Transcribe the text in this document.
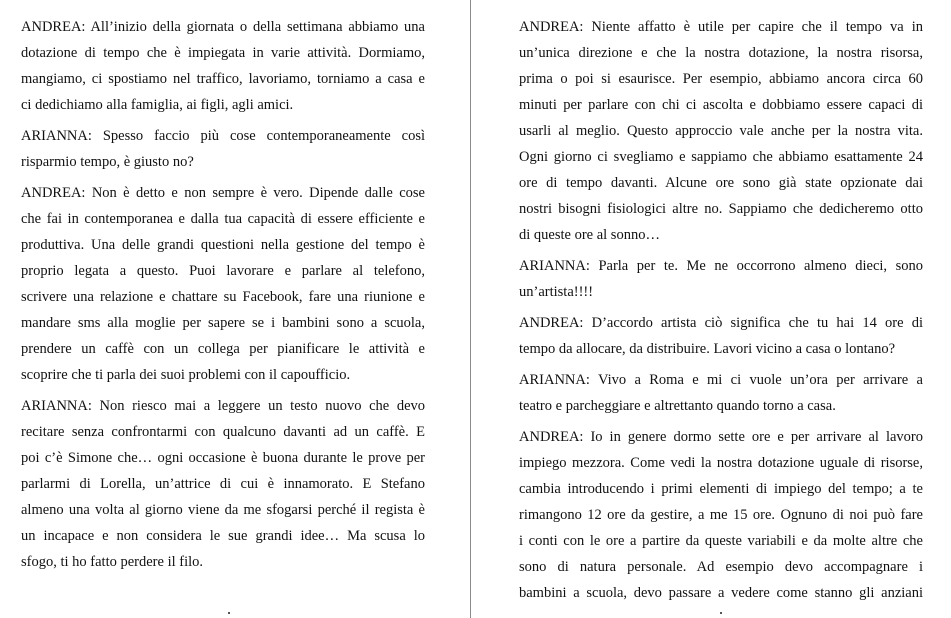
ANDREA: All’inizio della giornata o della settimana abbiamo una
dotazione di tempo che è impiegata in varie attività. Dormiamo,
mangiamo, ci spostiamo nel traffico, lavoriamo, torniamo a casa e
ci dedichiamo alla famiglia, ai figli, agli amici.
ARIANNA: Spesso faccio più cose contemporaneamente così
risparmio tempo, è giusto no?
ANDREA: Non è detto e non sempre è vero. Dipende dalle cose
che fai in contemporanea e dalla tua capacità di essere efficiente e
produttiva. Una delle grandi questioni nella gestione del tempo è
proprio legata a questo. Puoi lavorare e parlare al telefono,
scrivere una relazione e chattare su Facebook, fare una riunione e
mandare sms alla moglie per sapere se i bambini sono a scuola,
prendere un caffè con un collega per pianificare le attività e
scoprire che ti parla dei suoi problemi con il capoufficio.
ARIANNA: Non riesco mai a leggere un testo nuovo che devo
recitare senza confrontarmi con qualcuno davanti ad un caffè. E
poi c’è Simone che… ogni occasione è buona durante le prove per
parlarmi di Lorella, un’attrice di cui è innamorato. E Stefano
almeno una volta al giorno viene da me sfogarsi perché il regista è
un incapace e non considera le sue grandi idee… Ma scusa lo
sfogo, ti ho fatto perdere il filo.
ANDREA: Niente affatto è utile per capire che il tempo va in
un’unica direzione e che la nostra dotazione, la nostra risorsa,
prima o poi si esaurisce. Per esempio, abbiamo ancora circa 60
minuti per parlare con chi ci ascolta e dobbiamo essere capaci di
usarli al meglio. Questo approccio vale anche per la nostra vita.
Ogni giorno ci svegliamo e sappiamo che abbiamo esattamente 24
ore di tempo davanti. Alcune ore sono già state opzionate dai
nostri bisogni fisiologici altre no. Sappiamo che dedicheremo otto
di queste ore al sonno…
ARIANNA: Parla per te. Me ne occorrono almeno dieci, sono
un’artista!!!!
ANDREA: D’accordo artista ciò significa che tu hai 14 ore di
tempo da allocare, da distribuire. Lavori vicino a casa o lontano?
ARIANNA: Vivo a Roma e mi ci vuole un’ora per arrivare a
teatro e parcheggiare e altrettanto quando torno a casa.
ANDREA: Io in genere dormo sette ore e per arrivare al lavoro
impiego mezzora. Come vedi la nostra dotazione uguale di risorse,
cambia introducendo i primi elementi di impiego del tempo; a te
rimangono 12 ore da gestire, a me 15 ore. Ognuno di noi può fare
i conti con le ore a partire da queste variabili e da molte altre che
sono di natura personale. Ad esempio devo accompagnare i
bambini a scuola, devo passare a vedere come stanno gli anziani
